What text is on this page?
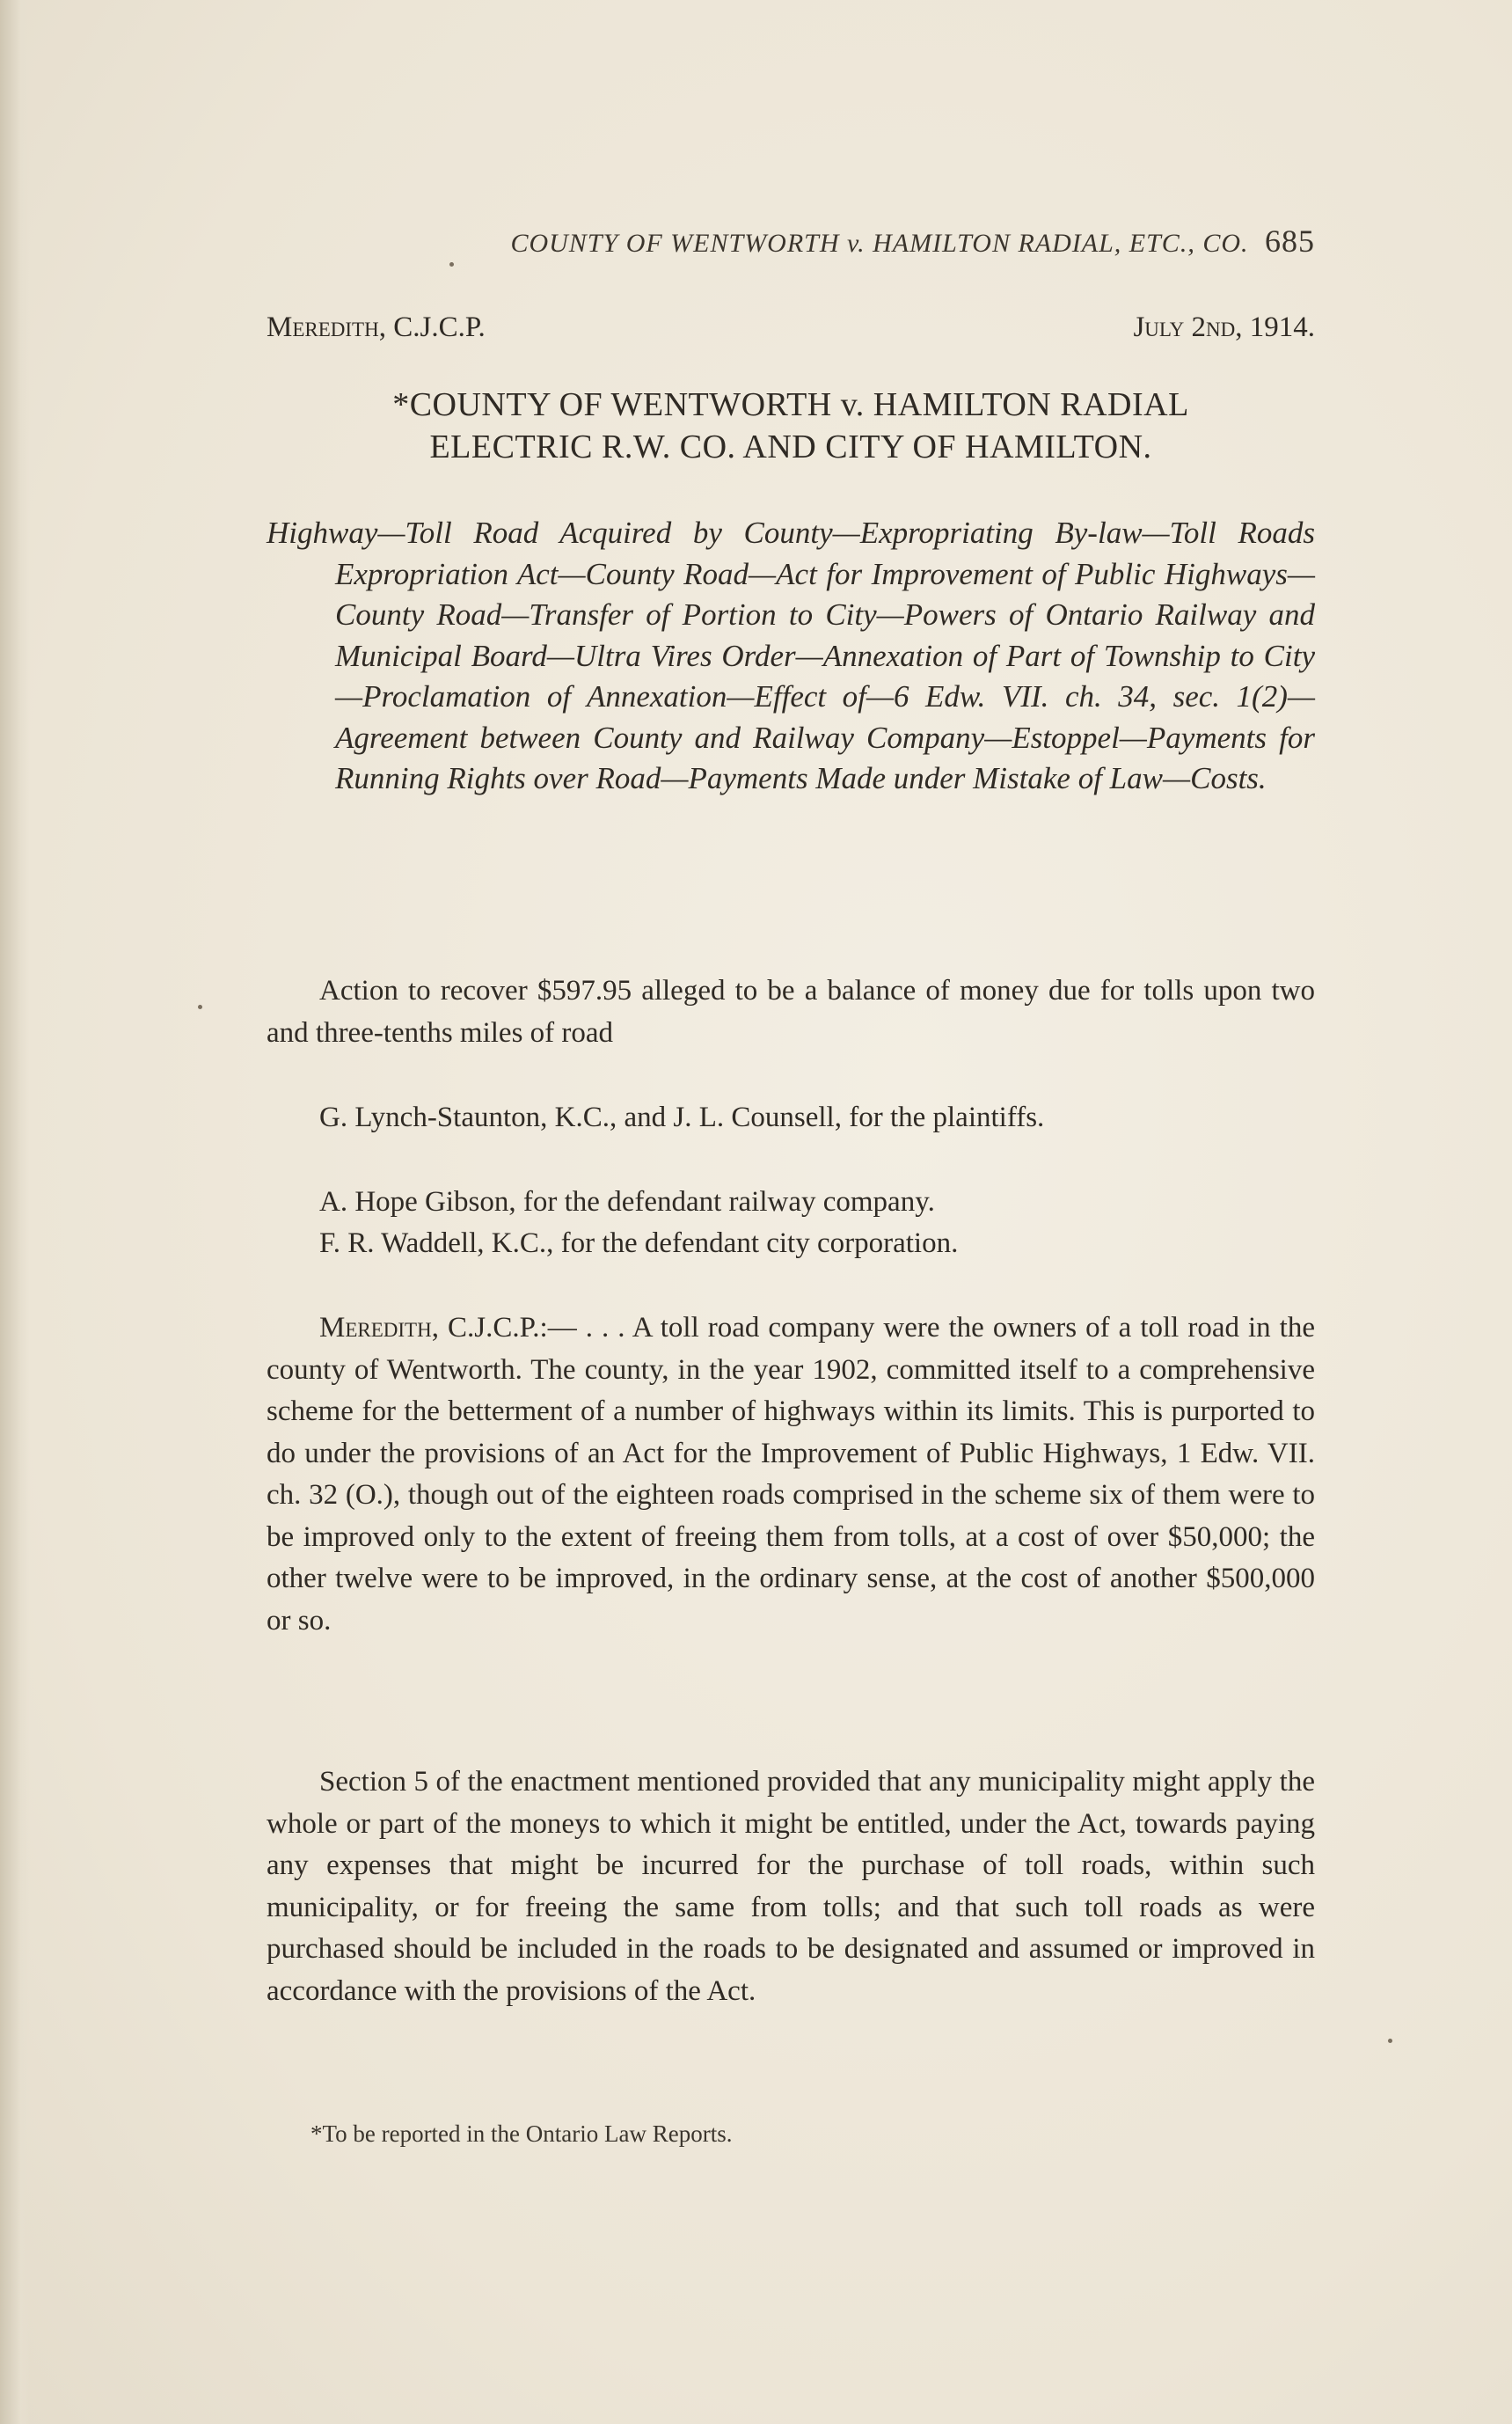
COUNTY OF WENTWORTH v. HAMILTON RADIAL, ETC., CO. 685
Meredith, C.J.C.P.	July 2nd, 1914.
*COUNTY OF WENTWORTH v. HAMILTON RADIAL
ELECTRIC R.W. CO. AND CITY OF HAMILTON.
Highway—Toll Road Acquired by County—Expropriating By-law—Toll Roads Expropriation Act—County Road—Act for Improvement of Public Highways—County Road—Transfer of Portion to City—Powers of Ontario Railway and Municipal Board—Ultra Vires Order—Annexation of Part of Township to City—Proclamation of Annexation—Effect of—6 Edw. VII. ch. 34, sec. 1(2)—Agreement between County and Railway Company—Estoppel—Payments for Running Rights over Road—Payments Made under Mistake of Law—Costs.
Action to recover $597.95 alleged to be a balance of money due for tolls upon two and three-tenths miles of road
G. Lynch-Staunton, K.C., and J. L. Counsell, for the plaintiffs.
A. Hope Gibson, for the defendant railway company.
F. R. Waddell, K.C., for the defendant city corporation.
Meredith, C.J.C.P.:— . . . A toll road company were the owners of a toll road in the county of Wentworth. The county, in the year 1902, committed itself to a comprehensive scheme for the betterment of a number of highways within its limits. This is purported to do under the provisions of an Act for the Improvement of Public Highways, 1 Edw. VII. ch. 32 (O.), though out of the eighteen roads comprised in the scheme six of them were to be improved only to the extent of freeing them from tolls, at a cost of over $50,000; the other twelve were to be improved, in the ordinary sense, at the cost of another $500,000 or so.
Section 5 of the enactment mentioned provided that any municipality might apply the whole or part of the moneys to which it might be entitled, under the Act, towards paying any expenses that might be incurred for the purchase of toll roads, within such municipality, or for freeing the same from tolls; and that such toll roads as were purchased should be included in the roads to be designated and assumed or improved in accordance with the provisions of the Act.
*To be reported in the Ontario Law Reports.
